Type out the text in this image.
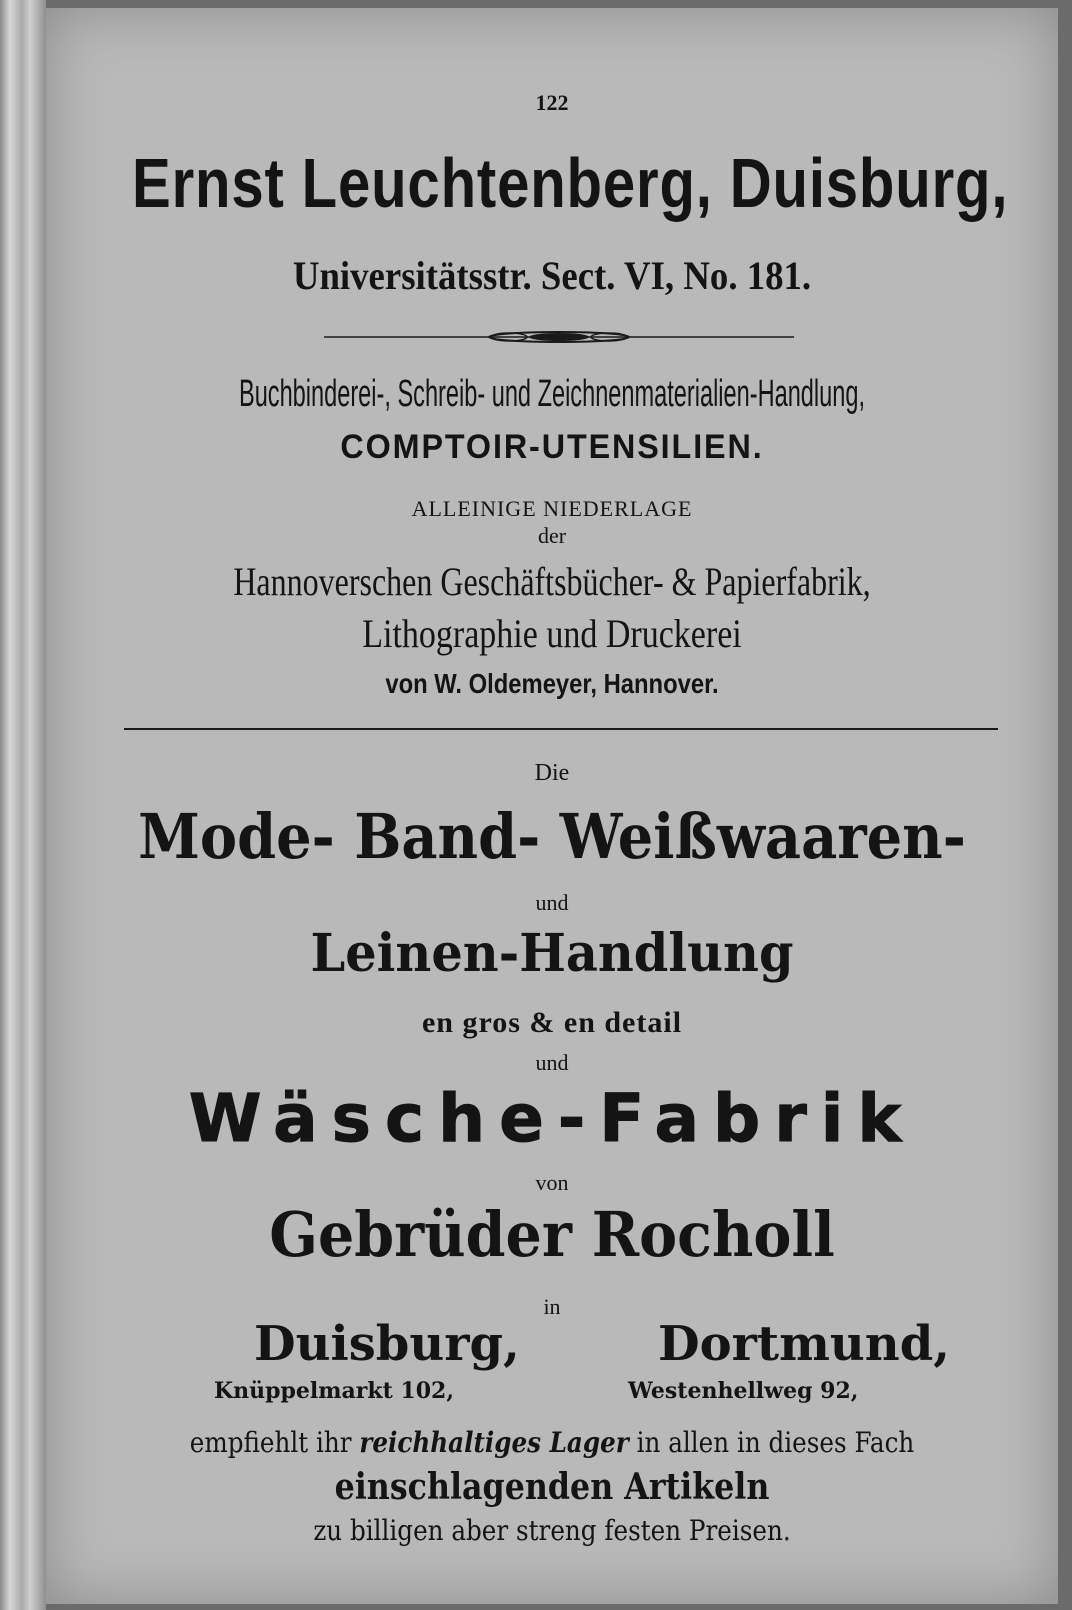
122
Ernst Leuchtenberg, Duisburg,
Universitätsstr. Sect. VI, No. 181.
Buchbinderei-, Schreib- und Zeichnenmaterialien-Handlung,
COMPTOIR-UTENSILIEN.
ALLEINIGE NIEDERLAGE
der
Hannoverschen Geschäftsbücher- & Papierfabrik,
Lithographie und Druckerei
von W. Oldemeyer, Hannover.
Die
Mode- Band- Weißwaaren-
und
Leinen-Handlung
en gros & en detail
und
Wäsche-Fabrik
von
Gebrüder Rocholl
in
Duisburg,
Knüppelmarkt 102,
Dortmund,
Westenhellweg 92,
empfiehlt ihr reichhaltiges Lager in allen in dieses Fach
einschlagenden Artikeln
zu billigen aber streng festen Preisen.
